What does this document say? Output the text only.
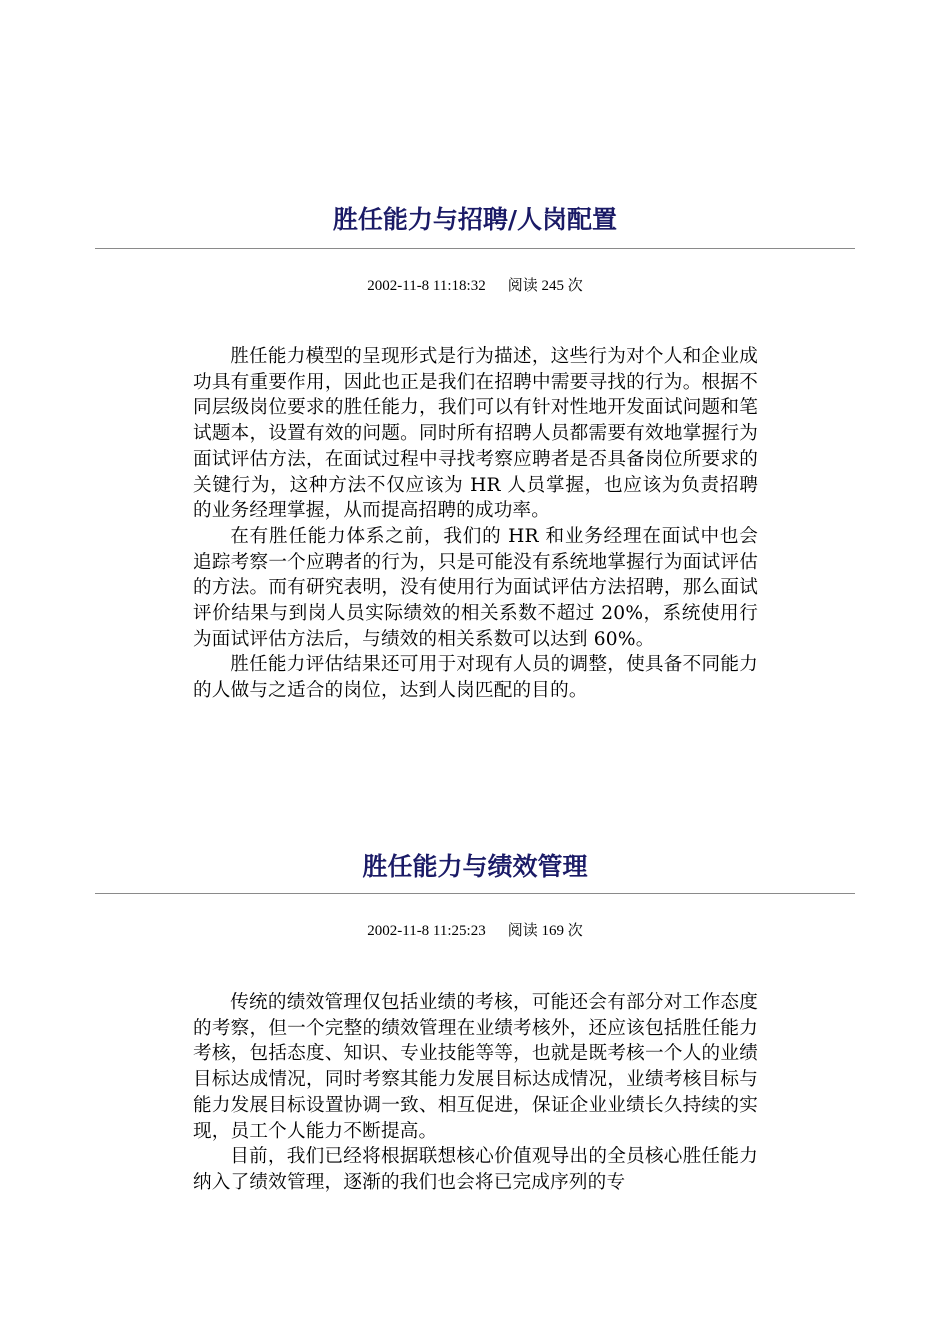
胜任能力与招聘/人岗配置
2002-11-8 11:18:32 阅读 245 次

胜任能力模型的呈现形式是行为描述，这些行为对个人和企业成功具有重要作用，因此也正是我们在招聘中需要寻找的行为。根据不同层级岗位要求的胜任能力，我们可以有针对性地开发面试问题和笔试题本，设置有效的问题。同时所有招聘人员都需要有效地掌握行为面试评估方法，在面试过程中寻找考察应聘者是否具备岗位所要求的关键行为，这种方法不仅应该为 HR 人员掌握，也应该为负责招聘的业务经理掌握，从而提高招聘的成功率。

在有胜任能力体系之前，我们的 HR 和业务经理在面试中也会追踪考察一个应聘者的行为，只是可能没有系统地掌握行为面试评估的方法。而有研究表明，没有使用行为面试评估方法招聘，那么面试评价结果与到岗人员实际绩效的相关系数不超过 20%，系统使用行为面试评估方法后，与绩效的相关系数可以达到 60%。

胜任能力评估结果还可用于对现有人员的调整，使具备不同能力的人做与之适合的岗位，达到人岗匹配的目的。

胜任能力与绩效管理
2002-11-8 11:25:23 阅读 169 次

传统的绩效管理仅包括业绩的考核，可能还会有部分对工作态度的考察，但一个完整的绩效管理在业绩考核外，还应该包括胜任能力考核，包括态度、知识、专业技能等等，也就是既考核一个人的业绩目标达成情况，同时考察其能力发展目标达成情况，业绩考核目标与能力发展目标设置协调一致、相互促进，保证企业业绩长久持续的实现，员工个人能力不断提高。

目前，我们已经将根据联想核心价值观导出的全员核心胜任能力纳入了绩效管理，逐渐的我们也会将已完成序列的专
